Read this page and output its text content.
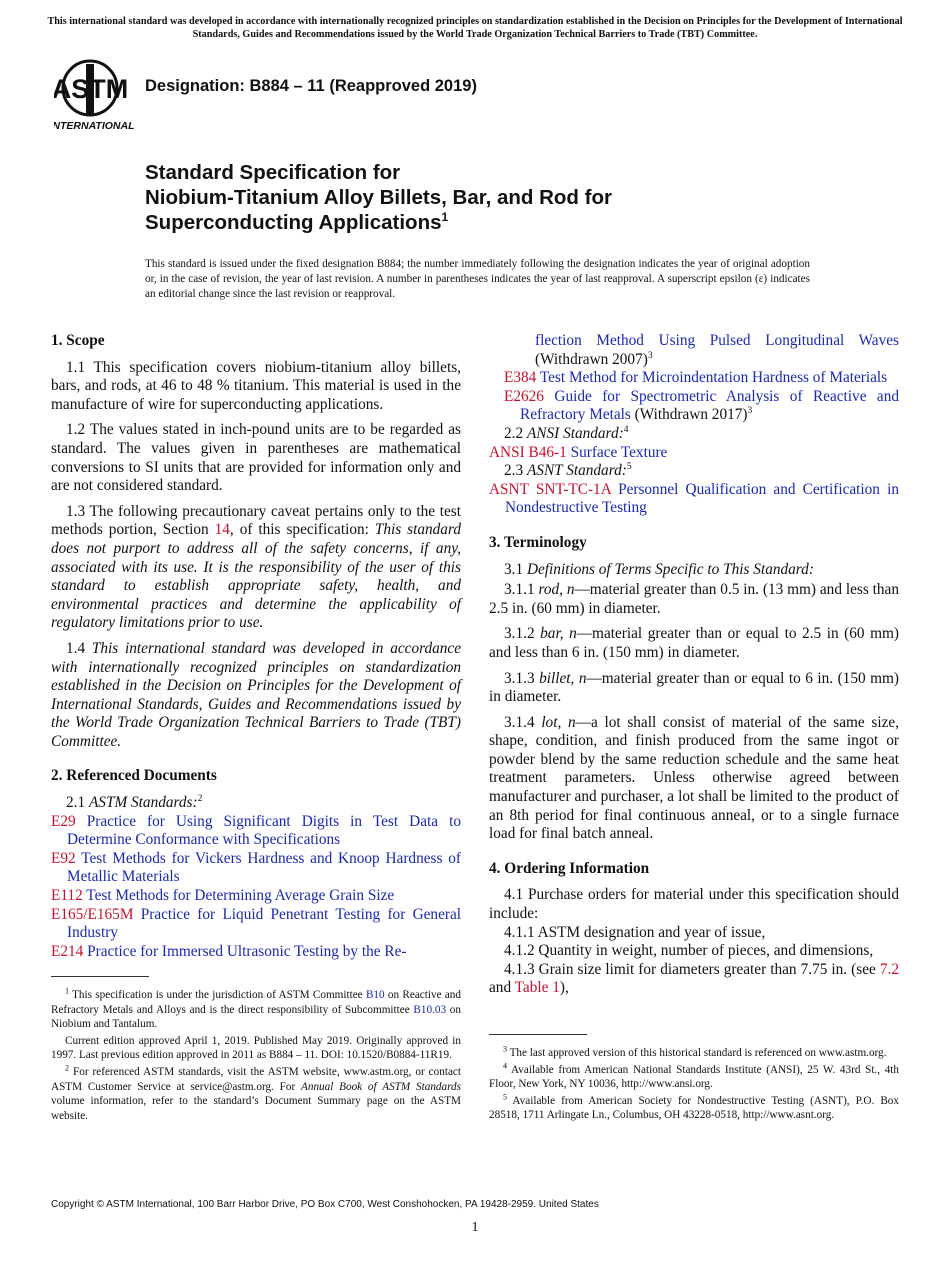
This international standard was developed in accordance with internationally recognized principles on standardization established in the Decision on Principles for the Development of International Standards, Guides and Recommendations issued by the World Trade Organization Technical Barriers to Trade (TBT) Committee.
ASTM
INTERNATIONAL
Designation: B884 – 11 (Reapproved 2019)
Standard Specification for
Niobium-Titanium Alloy Billets, Bar, and Rod for
Superconducting Applications$^1$
This standard is issued under the fixed designation B884; the number immediately following the designation indicates the year of original adoption or, in the case of revision, the year of last revision. A number in parentheses indicates the year of last reapproval. A superscript epsilon (ε) indicates an editorial change since the last revision or reapproval.
1. Scope

1.1 This specification covers niobium-titanium alloy billets, bars, and rods, at 46 to 48 % titanium. This material is used in the manufacture of wire for superconducting applications.

1.2 The values stated in inch-pound units are to be regarded as standard. The values given in parentheses are mathematical conversions to SI units that are provided for information only and are not considered standard.

1.3 The following precautionary caveat pertains only to the test methods portion, Section 14, of this specification: This standard does not purport to address all of the safety concerns, if any, associated with its use. It is the responsibility of the user of this standard to establish appropriate safety, health, and environmental practices and determine the applicability of regulatory limitations prior to use.

1.4 This international standard was developed in accordance with internationally recognized principles on standardization established in the Decision on Principles for the Development of International Standards, Guides and Recommendations issued by the World Trade Organization Technical Barriers to Trade (TBT) Committee.

2. Referenced Documents

2.1 ASTM Standards:$^2$

E29 Practice for Using Significant Digits in Test Data to Determine Conformance with Specifications
E92 Test Methods for Vickers Hardness and Knoop Hardness of Metallic Materials
E112 Test Methods for Determining Average Grain Size
E165/E165M Practice for Liquid Penetrant Testing for General Industry
E214 Practice for Immersed Ultrasonic Testing by the Re-

$^1$ This specification is under the jurisdiction of ASTM Committee B10 on Reactive and Refractory Metals and Alloys and is the direct responsibility of Subcommittee B10.03 on Niobium and Tantalum.

Current edition approved April 1, 2019. Published May 2019. Originally approved in 1997. Last previous edition approved in 2011 as B884 – 11. DOI: 10.1520/B0884-11R19.

$^2$ For referenced ASTM standards, visit the ASTM website, www.astm.org, or contact ASTM Customer Service at service@astm.org. For Annual Book of ASTM Standards volume information, refer to the standard’s Document Summary page on the ASTM website.

flection Method Using Pulsed Longitudinal Waves (Withdrawn 2007)$^3$
E384 Test Method for Microindentation Hardness of Materials
E2626 Guide for Spectrometric Analysis of Reactive and Refractory Metals (Withdrawn 2017)$^3$

2.2 ANSI Standard:$^4$

ANSI B46-1 Surface Texture

2.3 ASNT Standard:$^5$

ASNT SNT-TC-1A Personnel Qualification and Certification in Nondestructive Testing
3. Terminology

3.1 Definitions of Terms Specific to This Standard:

3.1.1 rod, n—material greater than 0.5 in. (13 mm) and less than 2.5 in. (60 mm) in diameter.

3.1.2 bar, n—material greater than or equal to 2.5 in (60 mm) and less than 6 in. (150 mm) in diameter.

3.1.3 billet, n—material greater than or equal to 6 in. (150 mm) in diameter.

3.1.4 lot, n—a lot shall consist of material of the same size, shape, condition, and finish produced from the same ingot or powder blend by the same reduction schedule and the same heat treatment parameters. Unless otherwise agreed between manufacturer and purchaser, a lot shall be limited to the product of an 8th period for final continuous anneal, or to a single furnace load for final batch anneal.

4. Ordering Information

4.1 Purchase orders for material under this specification should include:

4.1.1 ASTM designation and year of issue,

4.1.2 Quantity in weight, number of pieces, and dimensions,

4.1.3 Grain size limit for diameters greater than 7.75 in. (see 7.2 and Table 1),

$^3$ The last approved version of this historical standard is referenced on www.astm.org.

$^4$ Available from American National Standards Institute (ANSI), 25 W. 43rd St., 4th Floor, New York, NY 10036, http://www.ansi.org.

$^5$ Available from American Society for Nondestructive Testing (ASNT), P.O. Box 28518, 1711 Arlingate Ln., Columbus, OH 43228-0518, http://www.asnt.org.

Copyright © ASTM International, 100 Barr Harbor Drive, PO Box C700, West Conshohocken, PA 19428-2959. United States
1
